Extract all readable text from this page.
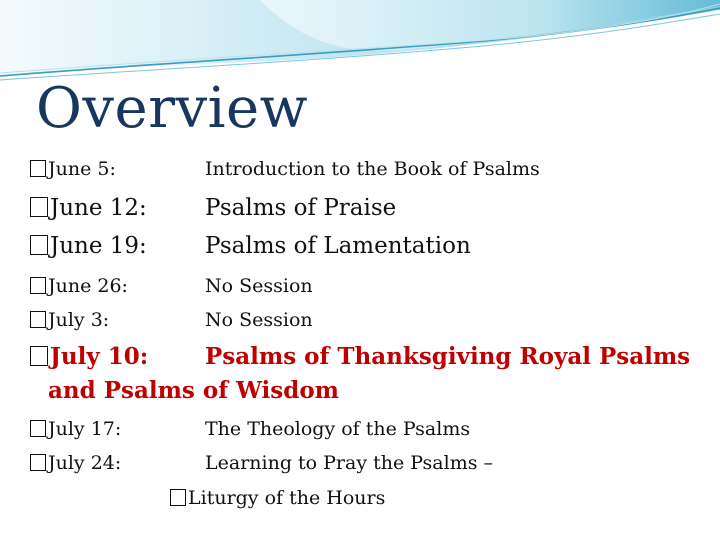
Overview
June 5:	Introduction to the Book of Psalms
June 12:	Psalms of Praise
June 19:	Psalms of Lamentation
June 26:	No Session
July 3:	No Session
July 10: Psalms of Thanksgiving Royal Psalms
and Psalms of Wisdom
July 17:	The Theology of the Psalms
July 24:	Learning to Pray the Psalms –
Liturgy of the Hours
